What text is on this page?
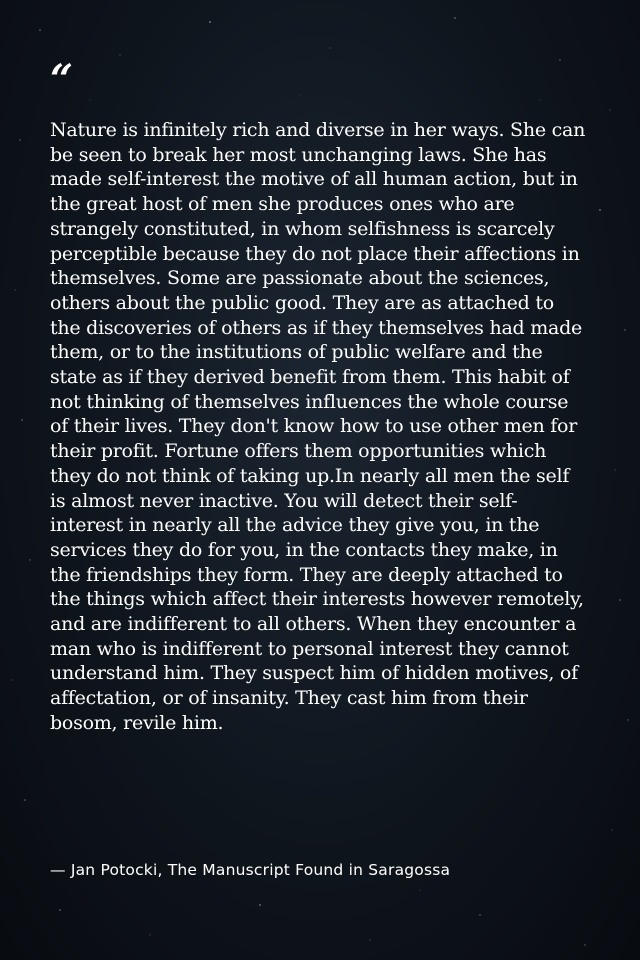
“

Nature is infinitely rich and diverse in her ways. She can be seen to break her most unchanging laws. She has made self-interest the motive of all human action, but in the great host of men she produces ones who are strangely constituted, in whom selfishness is scarcely perceptible because they do not place their affections in themselves. Some are passionate about the sciences, others about the public good. They are as attached to the discoveries of others as if they themselves had made them, or to the institutions of public welfare and the state as if they derived benefit from them. This habit of not thinking of themselves influences the whole course of their lives. They don't know how to use other men for their profit. Fortune offers them opportunities which they do not think of taking up.In nearly all men the self is almost never inactive. You will detect their self-interest in nearly all the advice they give you, in the services they do for you, in the contacts they make, in the friendships they form. They are deeply attached to the things which affect their interests however remotely, and are indifferent to all others. When they encounter a man who is indifferent to personal interest they cannot understand him. They suspect him of hidden motives, of affectation, or of insanity. They cast him from their bosom, revile him.

— Jan Potocki, The Manuscript Found in Saragossa
